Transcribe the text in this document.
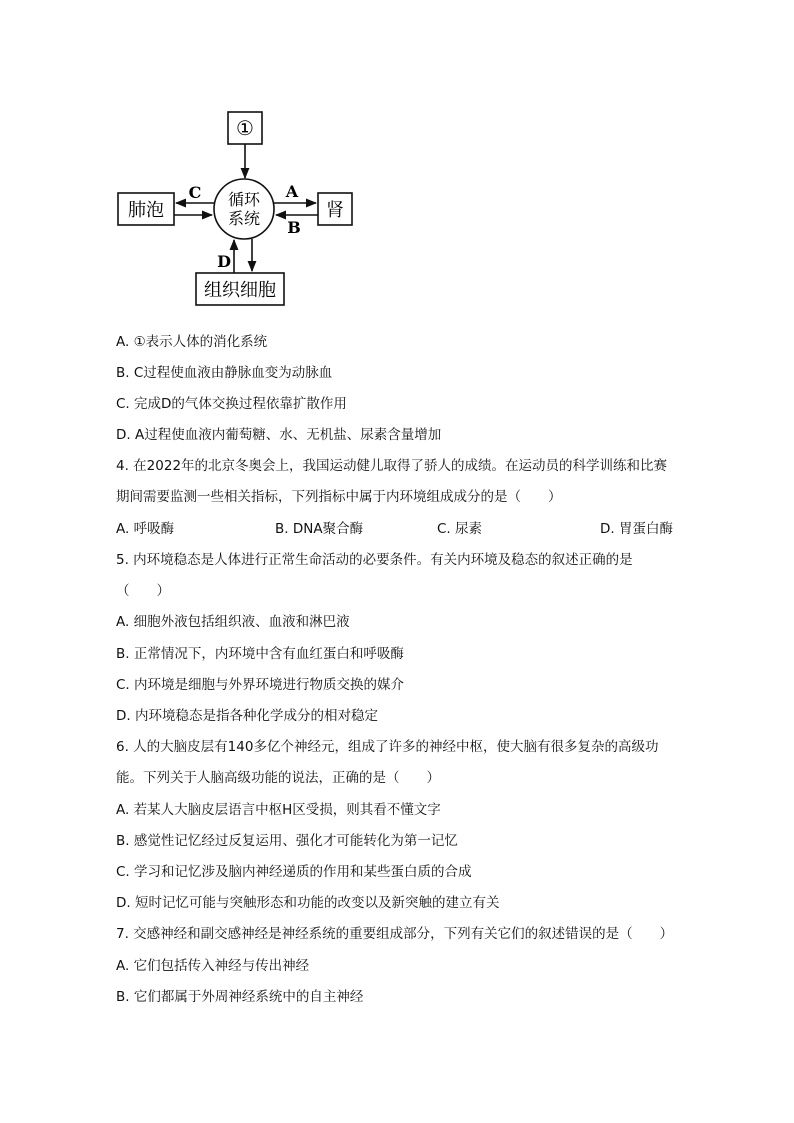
①
肺泡	肾
组织细胞
循环
系统
C	A
B
D
A. ①表示人体的消化系统
B. C过程使血液由静脉血变为动脉血
C. 完成D的气体交换过程依靠扩散作用
D. A过程使血液内葡萄糖、水、无机盐、尿素含量增加
4. 在2022年的北京冬奥会上，我国运动健儿取得了骄人的成绩。在运动员的科学训练和比赛
期间需要监测一些相关指标，下列指标中属于内环境组成成分的是（　　）
A. 呼吸酶	B. DNA聚合酶	C. 尿素	D. 胃蛋白酶
5. 内环境稳态是人体进行正常生命活动的必要条件。有关内环境及稳态的叙述正确的是
（　　）
A. 细胞外液包括组织液、血液和淋巴液
B. 正常情况下，内环境中含有血红蛋白和呼吸酶
C. 内环境是细胞与外界环境进行物质交换的媒介
D. 内环境稳态是指各种化学成分的相对稳定
6. 人的大脑皮层有140多亿个神经元，组成了许多的神经中枢，使大脑有很多复杂的高级功
能。下列关于人脑高级功能的说法，正确的是（　　）
A. 若某人大脑皮层语言中枢H区受损，则其看不懂文字
B. 感觉性记忆经过反复运用、强化才可能转化为第一记忆
C. 学习和记忆涉及脑内神经递质的作用和某些蛋白质的合成
D. 短时记忆可能与突触形态和功能的改变以及新突触的建立有关
7. 交感神经和副交感神经是神经系统的重要组成部分，下列有关它们的叙述错误的是（　　）
A. 它们包括传入神经与传出神经
B. 它们都属于外周神经系统中的自主神经
